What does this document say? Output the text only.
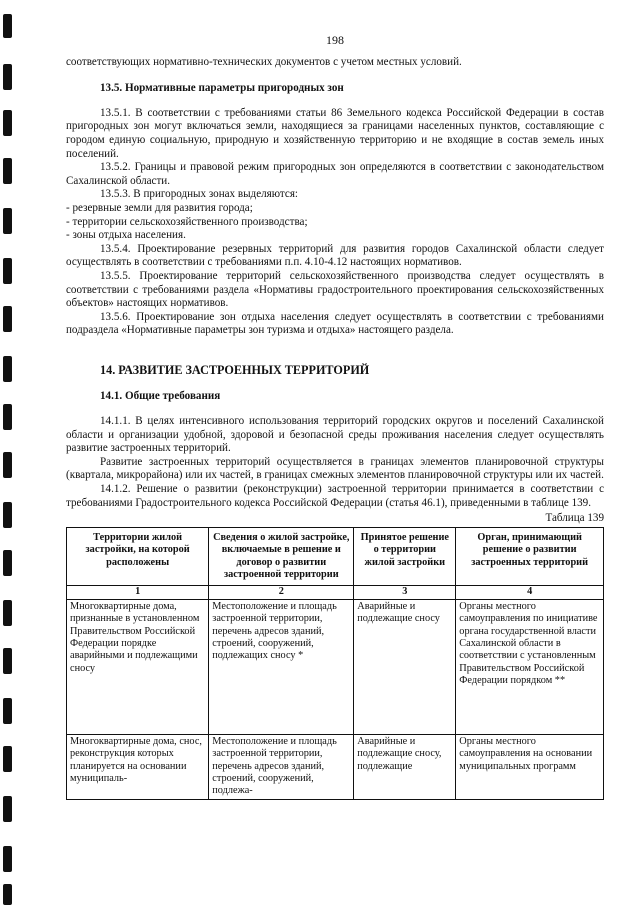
198

соответствующих нормативно-технических документов с учетом местных условий.

13.5. Нормативные параметры пригородных зон

13.5.1. В соответствии с требованиями статьи 86 Земельного кодекса Российской Федерации в состав пригородных зон могут включаться земли, находящиеся за границами населенных пунктов, составляющие с городом единую социальную, природную и хозяйственную территорию и не входящие в состав земель иных поселений.

13.5.2. Границы и правовой режим пригородных зон определяются в соответствии с законодательством Сахалинской области.

13.5.3. В пригородных зонах выделяются:

- резервные земли для развития города;

- территории сельскохозяйственного производства;

- зоны отдыха населения.

13.5.4. Проектирование резервных территорий для развития городов Сахалинской области следует осуществлять в соответствии с требованиями п.п. 4.10-4.12 настоящих нормативов.

13.5.5. Проектирование территорий сельскохозяйственного производства следует осуществлять в соответствии с требованиями раздела «Нормативы градостроительного проектирования сельскохозяйственных объектов» настоящих нормативов.

13.5.6. Проектирование зон отдыха населения следует осуществлять в соответствии с требованиями подраздела «Нормативные параметры зон туризма и отдыха» настоящего раздела.

14. РАЗВИТИЕ ЗАСТРОЕННЫХ ТЕРРИТОРИЙ
14.1. Общие требования

14.1.1. В целях интенсивного использования территорий городских округов и поселений Сахалинской области и организации удобной, здоровой и безопасной среды проживания населения следует осуществлять развитие застроенных территорий.

Развитие застроенных территорий осуществляется в границах элементов планировочной структуры (квартала, микрорайона) или их частей, в границах смежных элементов планировочной структуры или их частей.

14.1.2. Решение о развитии (реконструкции) застроенной территории принимается в соответствии с требованиями Градостроительного кодекса Российской Федерации (статья 46.1), приведенными в таблице 139.

Таблица 139
Территории жилой застройки, на которой расположены	Сведения о жилой застройке, включаемые в решение и договор о развитии застроенной территории	Принятое решение о территории жилой застройки	Орган, принимающий решение о развитии застроенных территорий
1	2	3	4
Многоквартирные дома, признанные в установленном Правительством Российской Федерации порядке аварийными и подлежащими сносу	Местоположение и площадь застроенной территории, перечень адресов зданий, строений, сооружений, подлежащих сносу *	Аварийные и подлежащие сносу	Органы местного самоуправления по инициативе органа государственной власти Сахалинской области в соответствии с установленным Правительством Российской Федерации порядком **
Многоквартирные дома, снос, реконструкция которых планируется на основании муниципаль-	Местоположение и площадь застроенной территории, перечень адресов зданий, строений, сооружений, подлежа-	Аварийные и подлежащие сносу, подлежащие	Органы местного самоуправления на основании муниципальных программ
